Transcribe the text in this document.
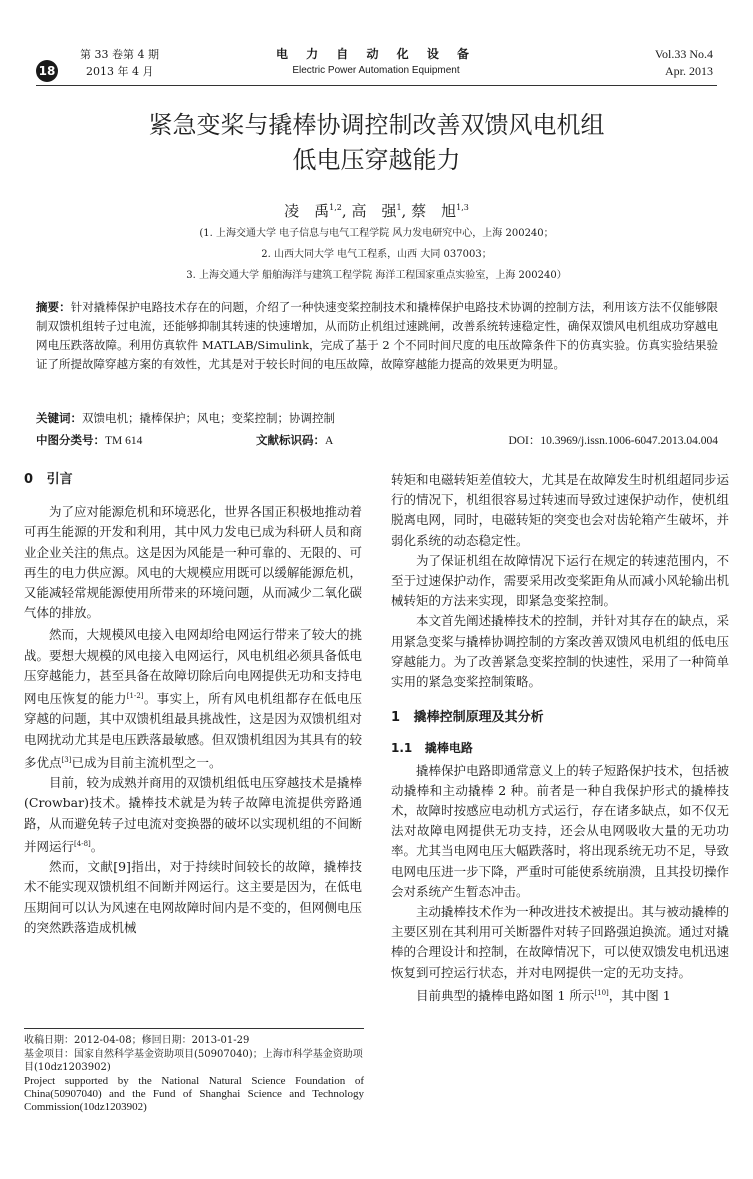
18
第 33 卷第 4 期
2013 年 4 月
电 力 自 动 化 设 备
Electric Power Automation Equipment
Vol.33 No.4
Apr. 2013
紧急变桨与撬棒协调控制改善双馈风电机组
低电压穿越能力
凌　禹$^{1,2}$, 高　强$^1$, 蔡　旭$^{1,3}$
(1. 上海交通大学 电子信息与电气工程学院 风力发电研究中心，上海 200240；
2. 山西大同大学 电气工程系，山西 大同 037003；
3. 上海交通大学 船舶海洋与建筑工程学院 海洋工程国家重点实验室，上海 200240）
摘要：针对撬棒保护电路技术存在的问题，介绍了一种快速变桨控制技术和撬棒保护电路技术协调的控制方法，利用该方法不仅能够限制双馈机组转子过电流，还能够抑制其转速的快速增加，从而防止机组过速跳闸，改善系统转速稳定性，确保双馈风电机组成功穿越电网电压跌落故障。利用仿真软件 MATLAB/Simulink，完成了基于 2 个不同时间尺度的电压故障条件下的仿真实验。仿真实验结果验证了所提故障穿越方案的有效性，尤其是对于较长时间的电压故障，故障穿越能力提高的效果更为明显。
关键词：双馈电机；撬棒保护；风电；变桨控制；协调控制
中图分类号：TM 614	文献标识码：A	DOI：10.3969/j.issn.1006-6047.2013.04.004

0 引言

为了应对能源危机和环境恶化，世界各国正积极地推动着可再生能源的开发和利用，其中风力发电已成为科研人员和商业企业关注的焦点。这是因为风能是一种可靠的、无限的、可再生的电力供应源。风电的大规模应用既可以缓解能源危机，又能减轻常规能源使用所带来的环境问题，从而减少二氧化碳气体的排放。

然而，大规模风电接入电网却给电网运行带来了较大的挑战。要想大规模的风电接入电网运行，风电机组必须具备低电压穿越能力，甚至具备在故障切除后向电网提供无功和支持电网电压恢复的能力[1-2]。事实上，所有风电机组都存在低电压穿越的问题，其中双馈机组最具挑战性，这是因为双馈机组对电网扰动尤其是电压跌落最敏感。但双馈机组因为其具有的较多优点[3]已成为目前主流机型之一。

目前，较为成熟并商用的双馈机组低电压穿越技术是撬棒(Crowbar)技术。撬棒技术就是为转子故障电流提供旁路通路，从而避免转子过电流对变换器的破坏以实现机组的不间断并网运行[4-8]。

然而，文献[9]指出，对于持续时间较长的故障，撬棒技术不能实现双馈机组不间断并网运行。这主要是因为，在低电压期间可以认为风速在电网故障时间内是不变的，但网侧电压的突然跌落造成机械

收稿日期：2012-04-08；修回日期：2013-01-29
基金项目：国家自然科学基金资助项目(50907040)；上海市科学基金资助项目(10dz1203902)
Project supported by the National Natural Science Foundation of China(50907040) and the Fund of Shanghai Science and Technology Commission(10dz1203902)

转矩和电磁转矩差值较大，尤其是在故障发生时机组超同步运行的情况下，机组很容易过转速而导致过速保护动作，使机组脱离电网，同时，电磁转矩的突变也会对齿轮箱产生破坏，并弱化系统的动态稳定性。

为了保证机组在故障情况下运行在规定的转速范围内，不至于过速保护动作，需要采用改变桨距角从而减小风轮输出机械转矩的方法来实现，即紧急变桨控制。

本文首先阐述撬棒技术的控制，并针对其存在的缺点，采用紧急变桨与撬棒协调控制的方案改善双馈风电机组的低电压穿越能力。为了改善紧急变桨控制的快速性，采用了一种简单实用的紧急变桨控制策略。

1 撬棒控制原理及其分析

1.1 撬棒电路

撬棒保护电路即通常意义上的转子短路保护技术，包括被动撬棒和主动撬棒 2 种。前者是一种自我保护形式的撬棒技术，故障时按感应电动机方式运行，存在诸多缺点，如不仅无法对故障电网提供无功支持，还会从电网吸收大量的无功功率。尤其当电网电压大幅跌落时，将出现系统无功不足，导致电网电压进一步下降，严重时可能使系统崩溃，且其投切操作会对系统产生暂态冲击。

主动撬棒技术作为一种改进技术被提出。其与被动撬棒的主要区别在其利用可关断器件对转子回路强迫换流。通过对撬棒的合理设计和控制，在故障情况下，可以使双馈发电机迅速恢复到可控运行状态，并对电网提供一定的无功支持。

目前典型的撬棒电路如图 1 所示[10]，其中图 1
